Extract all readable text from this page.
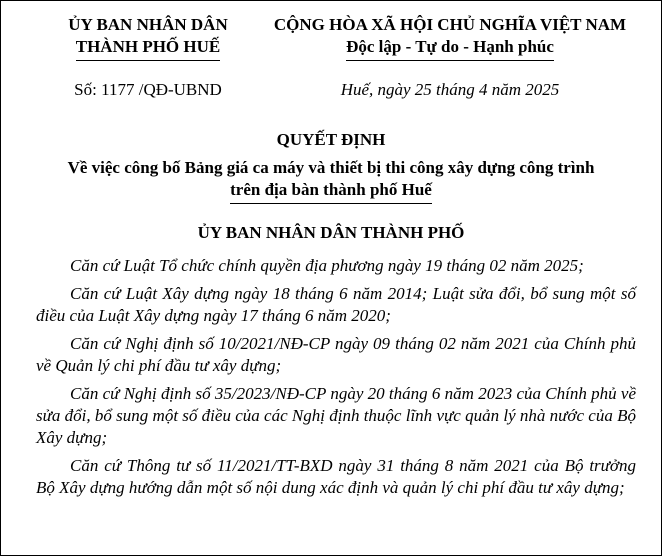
ỦY BAN NHÂN DÂN
THÀNH PHỐ HUẾ
CỘNG HÒA XÃ HỘI CHỦ NGHĨA VIỆT NAM
Độc lập - Tự do - Hạnh phúc
Số: 1177 /QĐ-UBND	Huế, ngày 25 tháng 4 năm 2025
QUYẾT ĐỊNH
Về việc công bố Bảng giá ca máy và thiết bị thi công xây dựng công trình
trên địa bàn thành phố Huế
ỦY BAN NHÂN DÂN THÀNH PHỐ

Căn cứ Luật Tổ chức chính quyền địa phương ngày 19 tháng 02 năm 2025;

Căn cứ Luật Xây dựng ngày 18 tháng 6 năm 2014; Luật sửa đổi, bổ sung một số điều của Luật Xây dựng ngày 17 tháng 6 năm 2020;

Căn cứ Nghị định số 10/2021/NĐ-CP ngày 09 tháng 02 năm 2021 của Chính phủ về Quản lý chi phí đầu tư xây dựng;

Căn cứ Nghị định số 35/2023/NĐ-CP ngày 20 tháng 6 năm 2023 của Chính phủ về sửa đổi, bổ sung một số điều của các Nghị định thuộc lĩnh vực quản lý nhà nước của Bộ Xây dựng;

Căn cứ Thông tư số 11/2021/TT-BXD ngày 31 tháng 8 năm 2021 của Bộ trưởng Bộ Xây dựng hướng dẫn một số nội dung xác định và quản lý chi phí đầu tư xây dựng;
